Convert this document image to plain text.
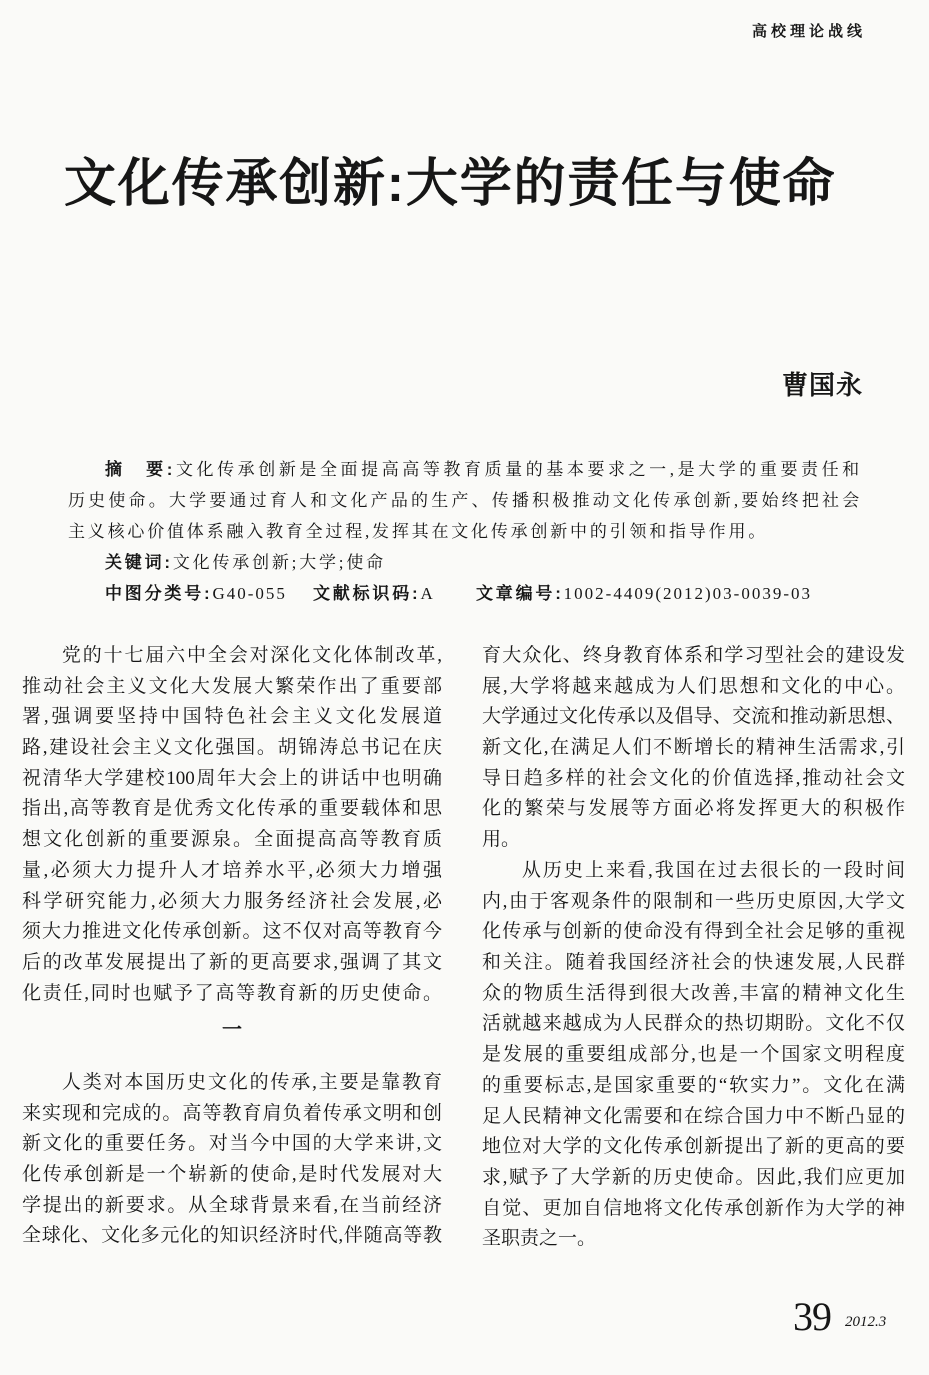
高校理论战线
文化传承创新:大学的责任与使命
曹国永
摘　要:文化传承创新是全面提高高等教育质量的基本要求之一,是大学的重要责任和
历史使命。大学要通过育人和文化产品的生产、传播积极推动文化传承创新,要始终把社会
主义核心价值体系融入教育全过程,发挥其在文化传承创新中的引领和指导作用。
关键词:文化传承创新;大学;使命
中图分类号:G40-055 文献标识码:A 文章编号:1002-4409(2012)03-0039-03
党的十七届六中全会对深化文化体制改革,
推动社会主义文化大发展大繁荣作出了重要部
署,强调要坚持中国特色社会主义文化发展道
路,建设社会主义文化强国。胡锦涛总书记在庆
祝清华大学建校100周年大会上的讲话中也明确
指出,高等教育是优秀文化传承的重要载体和思
想文化创新的重要源泉。全面提高高等教育质
量,必须大力提升人才培养水平,必须大力增强
科学研究能力,必须大力服务经济社会发展,必
须大力推进文化传承创新。这不仅对高等教育今
后的改革发展提出了新的更高要求,强调了其文
化责任,同时也赋予了高等教育新的历史使命。
一
人类对本国历史文化的传承,主要是靠教育
来实现和完成的。高等教育肩负着传承文明和创
新文化的重要任务。对当今中国的大学来讲,文
化传承创新是一个崭新的使命,是时代发展对大
学提出的新要求。从全球背景来看,在当前经济
全球化、文化多元化的知识经济时代,伴随高等教
育大众化、终身教育体系和学习型社会的建设发
展,大学将越来越成为人们思想和文化的中心。
大学通过文化传承以及倡导、交流和推动新思想、
新文化,在满足人们不断增长的精神生活需求,引
导日趋多样的社会文化的价值选择,推动社会文
化的繁荣与发展等方面必将发挥更大的积极作
用。
从历史上来看,我国在过去很长的一段时间
内,由于客观条件的限制和一些历史原因,大学文
化传承与创新的使命没有得到全社会足够的重视
和关注。随着我国经济社会的快速发展,人民群
众的物质生活得到很大改善,丰富的精神文化生
活就越来越成为人民群众的热切期盼。文化不仅
是发展的重要组成部分,也是一个国家文明程度
的重要标志,是国家重要的“软实力”。文化在满
足人民精神文化需要和在综合国力中不断凸显的
地位对大学的文化传承创新提出了新的更高的要
求,赋予了大学新的历史使命。因此,我们应更加
自觉、更加自信地将文化传承创新作为大学的神
圣职责之一。
39 2012.3
